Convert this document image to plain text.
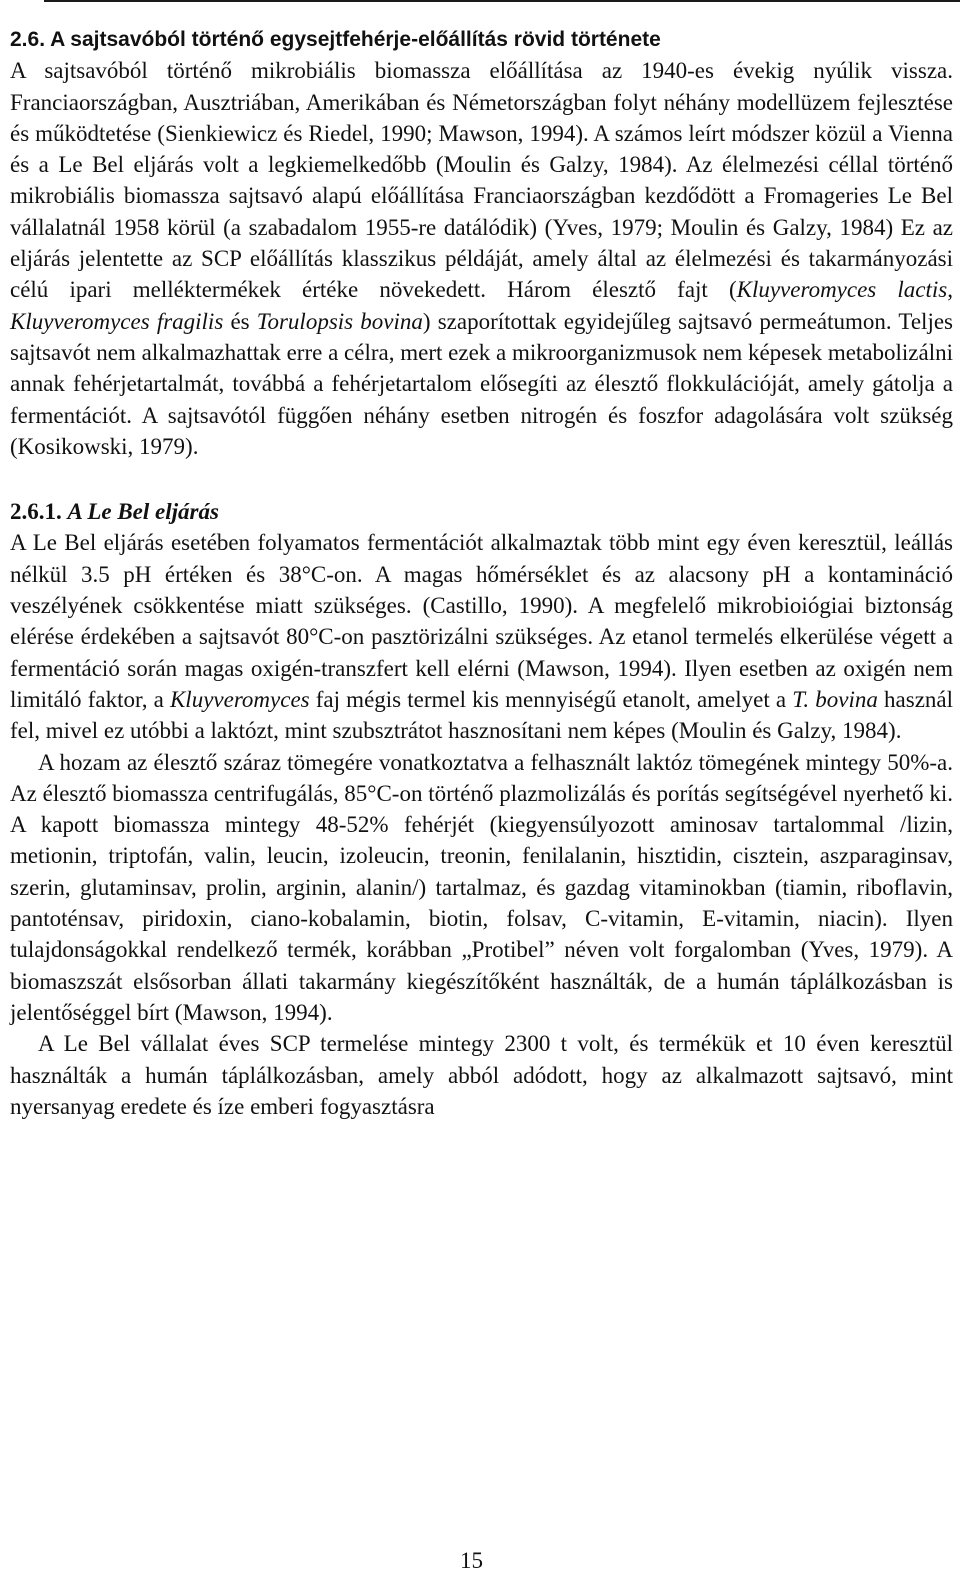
2.6. A sajtsavóból történő egysejtfehérje-előállítás rövid története

A sajtsavóból történő mikrobiális biomassza előállítása az 1940-es évekig nyúlik vissza. Franciaországban, Ausztriában, Amerikában és Németországban folyt néhány modellüzem fejlesztése és működtetése (Sienkiewicz és Riedel, 1990; Mawson, 1994). A számos leírt módszer közül a Vienna és a Le Bel eljárás volt a legkiemelkedőbb (Moulin és Galzy, 1984). Az élelmezési céllal történő mikrobiális biomassza sajtsavó alapú előállítása Franciaországban kezdődött a Fromageries Le Bel vállalatnál 1958 körül (a szabadalom 1955-re datálódik) (Yves, 1979; Moulin és Galzy, 1984) Ez az eljárás jelentette az SCP előállítás klasszikus példáját, amely által az élelmezési és takarmányozási célú ipari melléktermékek értéke növekedett. Három élesztő fajt (Kluyveromyces lactis, Kluyveromyces fragilis és Torulopsis bovina) szaporítottak egyidejűleg sajtsavó permeátumon. Teljes sajtsavót nem alkalmazhattak erre a célra, mert ezek a mikroorganizmusok nem képesek metabolizálni annak fehérjetartalmát, továbbá a fehérjetartalom elősegíti az élesztő flokkulációját, amely gátolja a fermentációt. A sajtsavótól függően néhány esetben nitrogén és foszfor adagolására volt szükség (Kosikowski, 1979).

2.6.1. A Le Bel eljárás

A Le Bel eljárás esetében folyamatos fermentációt alkalmaztak több mint egy éven keresztül, leállás nélkül 3.5 pH értéken és 38°C-on. A magas hőmérséklet és az alacsony pH a kontamináció veszélyének csökkentése miatt szükséges. (Castillo, 1990). A megfelelő mikrobioiógiai biztonság elérése érdekében a sajtsavót 80°C-on pasztörizálni szükséges. Az etanol termelés elkerülése végett a fermentáció során magas oxigén-transzfert kell elérni (Mawson, 1994). Ilyen esetben az oxigén nem limitáló faktor, a Kluyveromyces faj mégis termel kis mennyiségű etanolt, amelyet a T. bovina használ fel, mivel ez utóbbi a laktózt, mint szubsztrátot hasznosítani nem képes (Moulin és Galzy, 1984).

A hozam az élesztő száraz tömegére vonatkoztatva a felhasznált laktóz tömegének mintegy 50%-a. Az élesztő biomassza centrifugálás, 85°C-on történő plazmolizálás és porítás segítségével nyerhető ki. A kapott biomassza mintegy 48-52% fehérjét (kiegyensúlyozott aminosav tartalommal /lizin, metionin, triptofán, valin, leucin, izoleucin, treonin, fenilalanin, hisztidin, cisztein, aszparaginsav, szerin, glutaminsav, prolin, arginin, alanin/) tartalmaz, és gazdag vitaminokban (tiamin, riboflavin, pantoténsav, piridoxin, ciano-kobalamin, biotin, folsav, C-vitamin, E-vitamin, niacin). Ilyen tulajdonságokkal rendelkező termék, korábban „Protibel” néven volt forgalomban (Yves, 1979). A biomaszszát elsősorban állati takarmány kiegészítőként használták, de a humán táplálkozásban is jelentőséggel bírt (Mawson, 1994).

A Le Bel vállalat éves SCP termelése mintegy 2300 t volt, és termékük et 10 éven keresztül használták a humán táplálkozásban, amely abból adódott, hogy az alkalmazott sajtsavó, mint nyersanyag eredete és íze emberi fogyasztásra

15
